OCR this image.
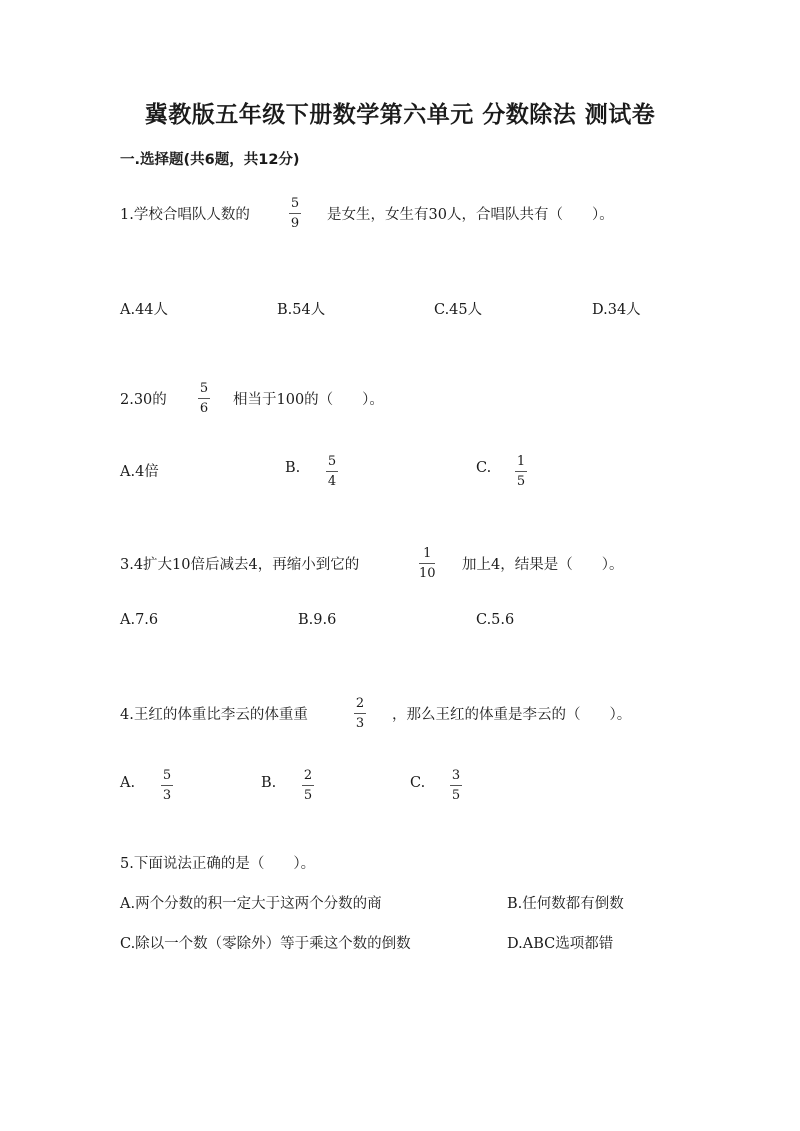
冀教版五年级下册数学第六单元 分数除法 测试卷
一.选择题(共6题，共12分)
1.学校合唱队人数的
5
9
是女生，女生有30人，合唱队共有（　　）。
A.44人	B.54人	C.45人	D.34人
2.30的
5
6
相当于100的（　　）。
A.4倍	B. 5
4
C. 1
5
3.4扩大10倍后减去4，再缩小到它的
1
10
加上4，结果是（　　）。
A.7.6	B.9.6	C.5.6
4.王红的体重比李云的体重重
2
3
，那么王红的体重是李云的（　　）。
A. 5
3
B. 2
5
C. 3
5
5.下面说法正确的是（　　）。
A.两个分数的积一定大于这两个分数的商	B.任何数都有倒数
C.除以一个数（零除外）等于乘这个数的倒数	D.ABC选项都错
